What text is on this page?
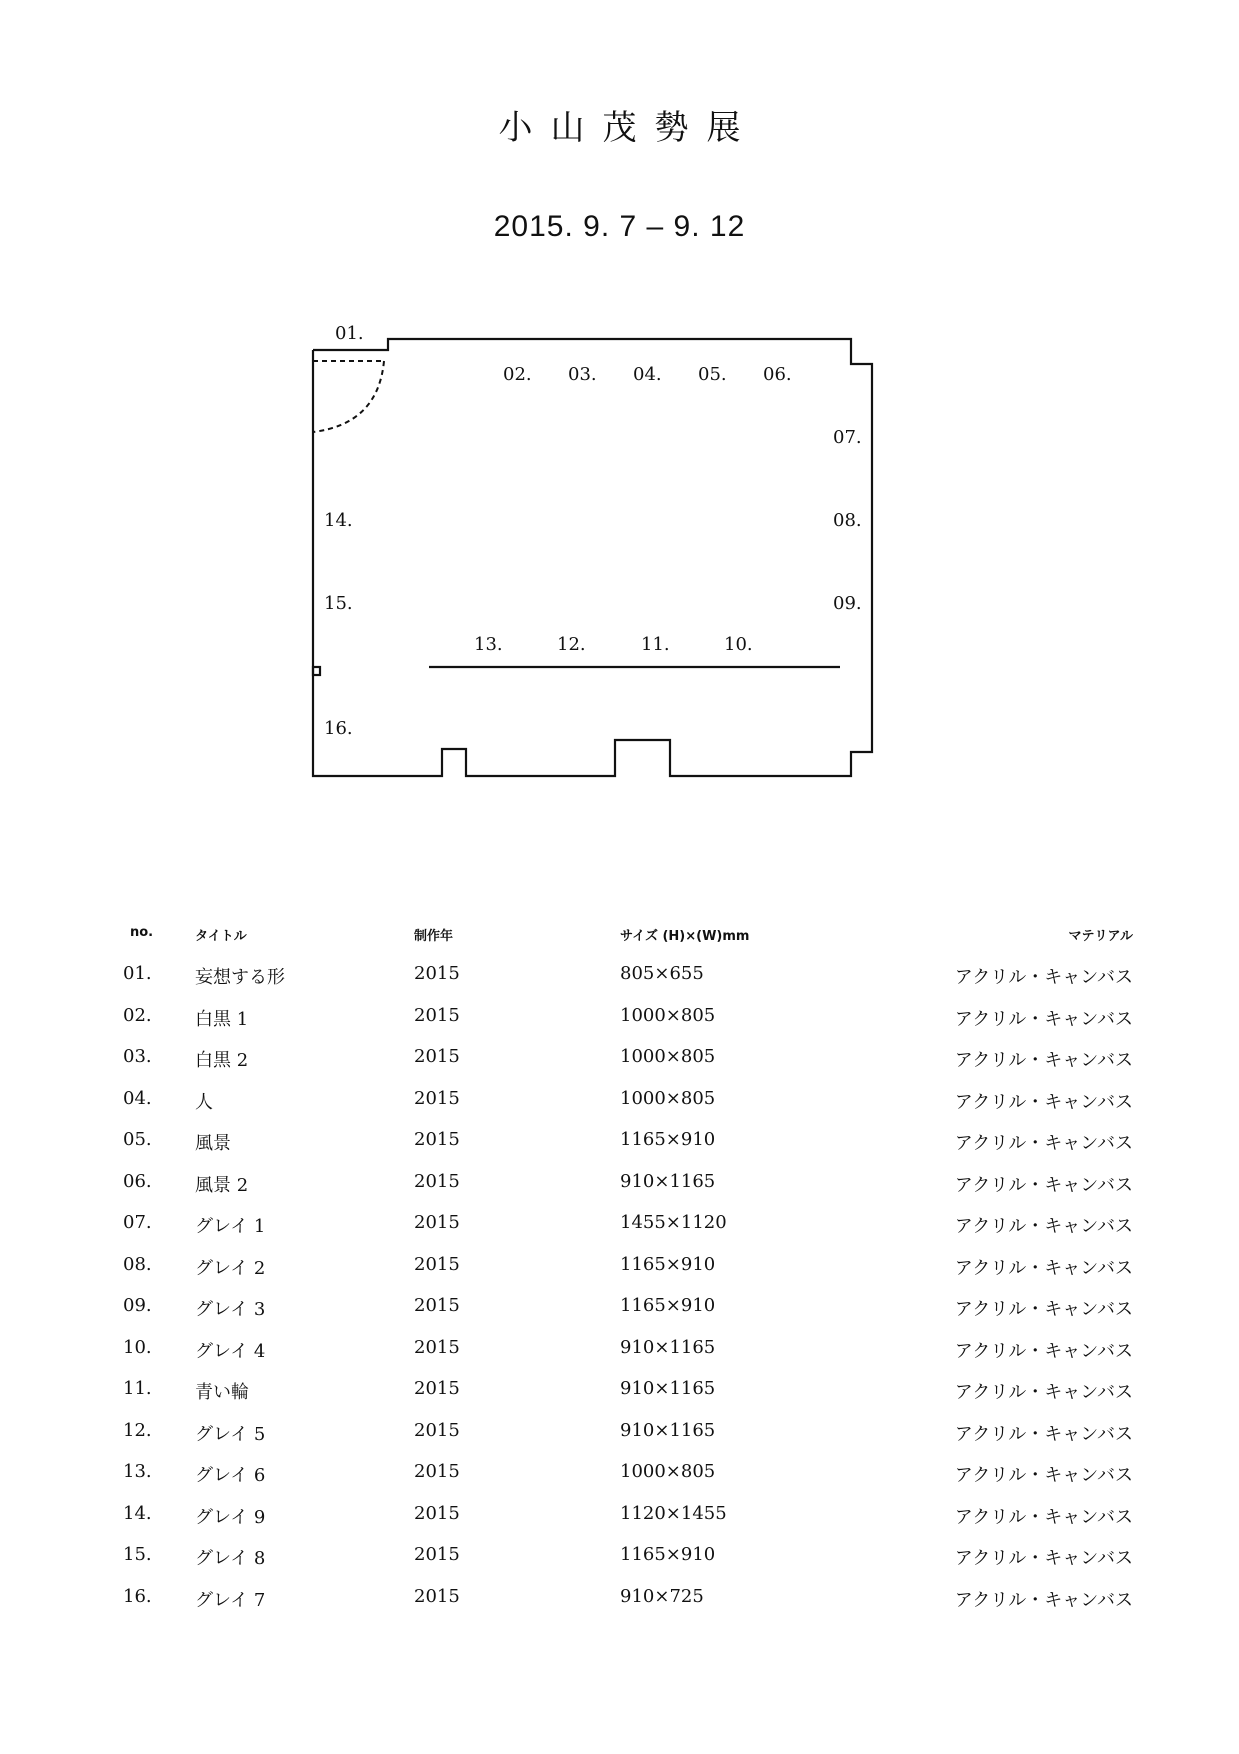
小山茂勢展
2015. 9. 7 – 9. 12
01.
02. 03. 04. 05. 06.
07.
08.
09.
10.
11.
12.
13.
14.
15.
16.
no.	タイトル	制作年	サイズ (H)×(W)mm	マテリアル
01. 妄想する形	2015	805×655	アクリル・キャンバス
02. 白黒 1	2015	1000×805	アクリル・キャンバス
03. 白黒 2	2015	1000×805	アクリル・キャンバス
04. 人	2015	1000×805	アクリル・キャンバス
05. 風景	2015	1165×910	アクリル・キャンバス
06. 風景 2	2015	910×1165	アクリル・キャンバス
07. グレイ 1	2015	1455×1120	アクリル・キャンバス
08. グレイ 2	2015	1165×910	アクリル・キャンバス
09. グレイ 3	2015	1165×910	アクリル・キャンバス
10. グレイ 4	2015	910×1165	アクリル・キャンバス
11. 青い輪	2015	910×1165	アクリル・キャンバス
12. グレイ 5	2015	910×1165	アクリル・キャンバス
13. グレイ 6	2015	1000×805	アクリル・キャンバス
14. グレイ 9	2015	1120×1455	アクリル・キャンバス
15. グレイ 8	2015	1165×910	アクリル・キャンバス
16. グレイ 7	2015	910×725	アクリル・キャンバス
